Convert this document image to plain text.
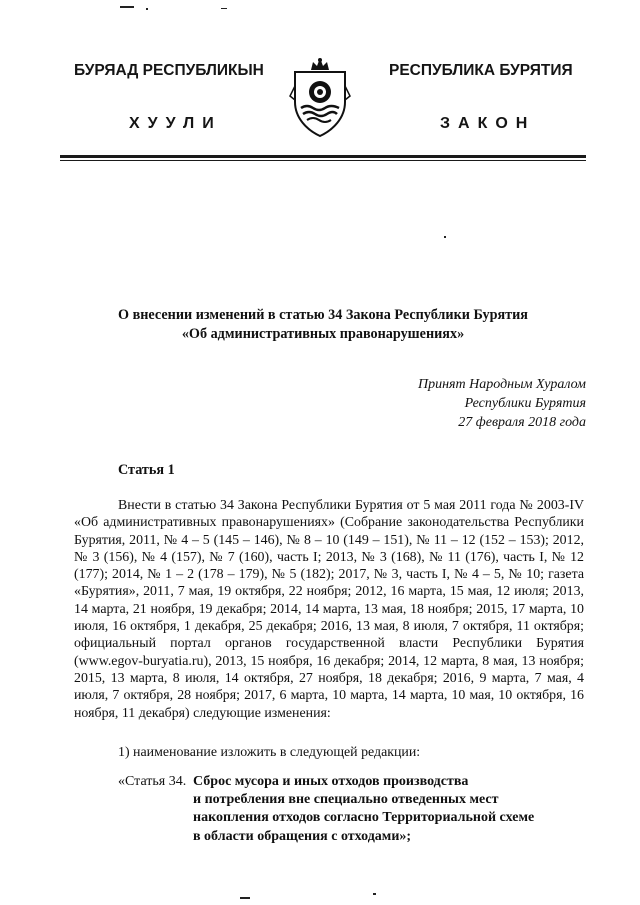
БУРЯАД РЕСПУБЛИКЫН	РЕСПУБЛИКА БУРЯТИЯ
ХУУЛИ	ЗАКОН
О внесении изменений в статью 34 Закона Республики Бурятия
«Об административных правонарушениях»
Принят Народным Хуралом
Республики Бурятия
27 февраля 2018 года
Статья 1
Внести в статью 34 Закона Республики Бурятия от 5 мая 2011 года № 2003-IV «Об административных правонарушениях» (Собрание законодательства Республики Бурятия, 2011, № 4 – 5 (145 – 146), № 8 – 10 (149 – 151), № 11 – 12 (152 – 153); 2012, № 3 (156), № 4 (157), № 7 (160), часть I; 2013, № 3 (168), № 11 (176), часть I, № 12 (177); 2014, № 1 – 2 (178 – 179), № 5 (182); 2017, № 3, часть I, № 4 – 5, № 10; газета «Бурятия», 2011, 7 мая, 19 октября, 22 ноября; 2012, 16 марта, 15 мая, 12 июля; 2013, 14 марта, 21 ноября, 19 декабря; 2014, 14 марта, 13 мая, 18 ноября; 2015, 17 марта, 10 июля, 16 октября, 1 декабря, 25 декабря; 2016, 13 мая, 8 июля, 7 октября, 11 октября; официальный портал органов государственной власти Республики Бурятия (www.egov-buryatia.ru), 2013, 15 ноября, 16 декабря; 2014, 12 марта, 8 мая, 13 ноября; 2015, 13 марта, 8 июля, 14 октября, 27 ноября, 18 декабря; 2016, 9 марта, 7 мая, 4 июля, 7 октября, 28 ноября; 2017, 6 марта, 10 марта, 14 марта, 10 мая, 10 октября, 16 ноября, 11 декабря) следующие изменения:
1) наименование изложить в следующей редакции:
«Статья 34. Сброс мусора и иных отходов производства
и потребления вне специально отведенных мест
накопления отходов согласно Территориальной схеме
в области обращения с отходами»;
